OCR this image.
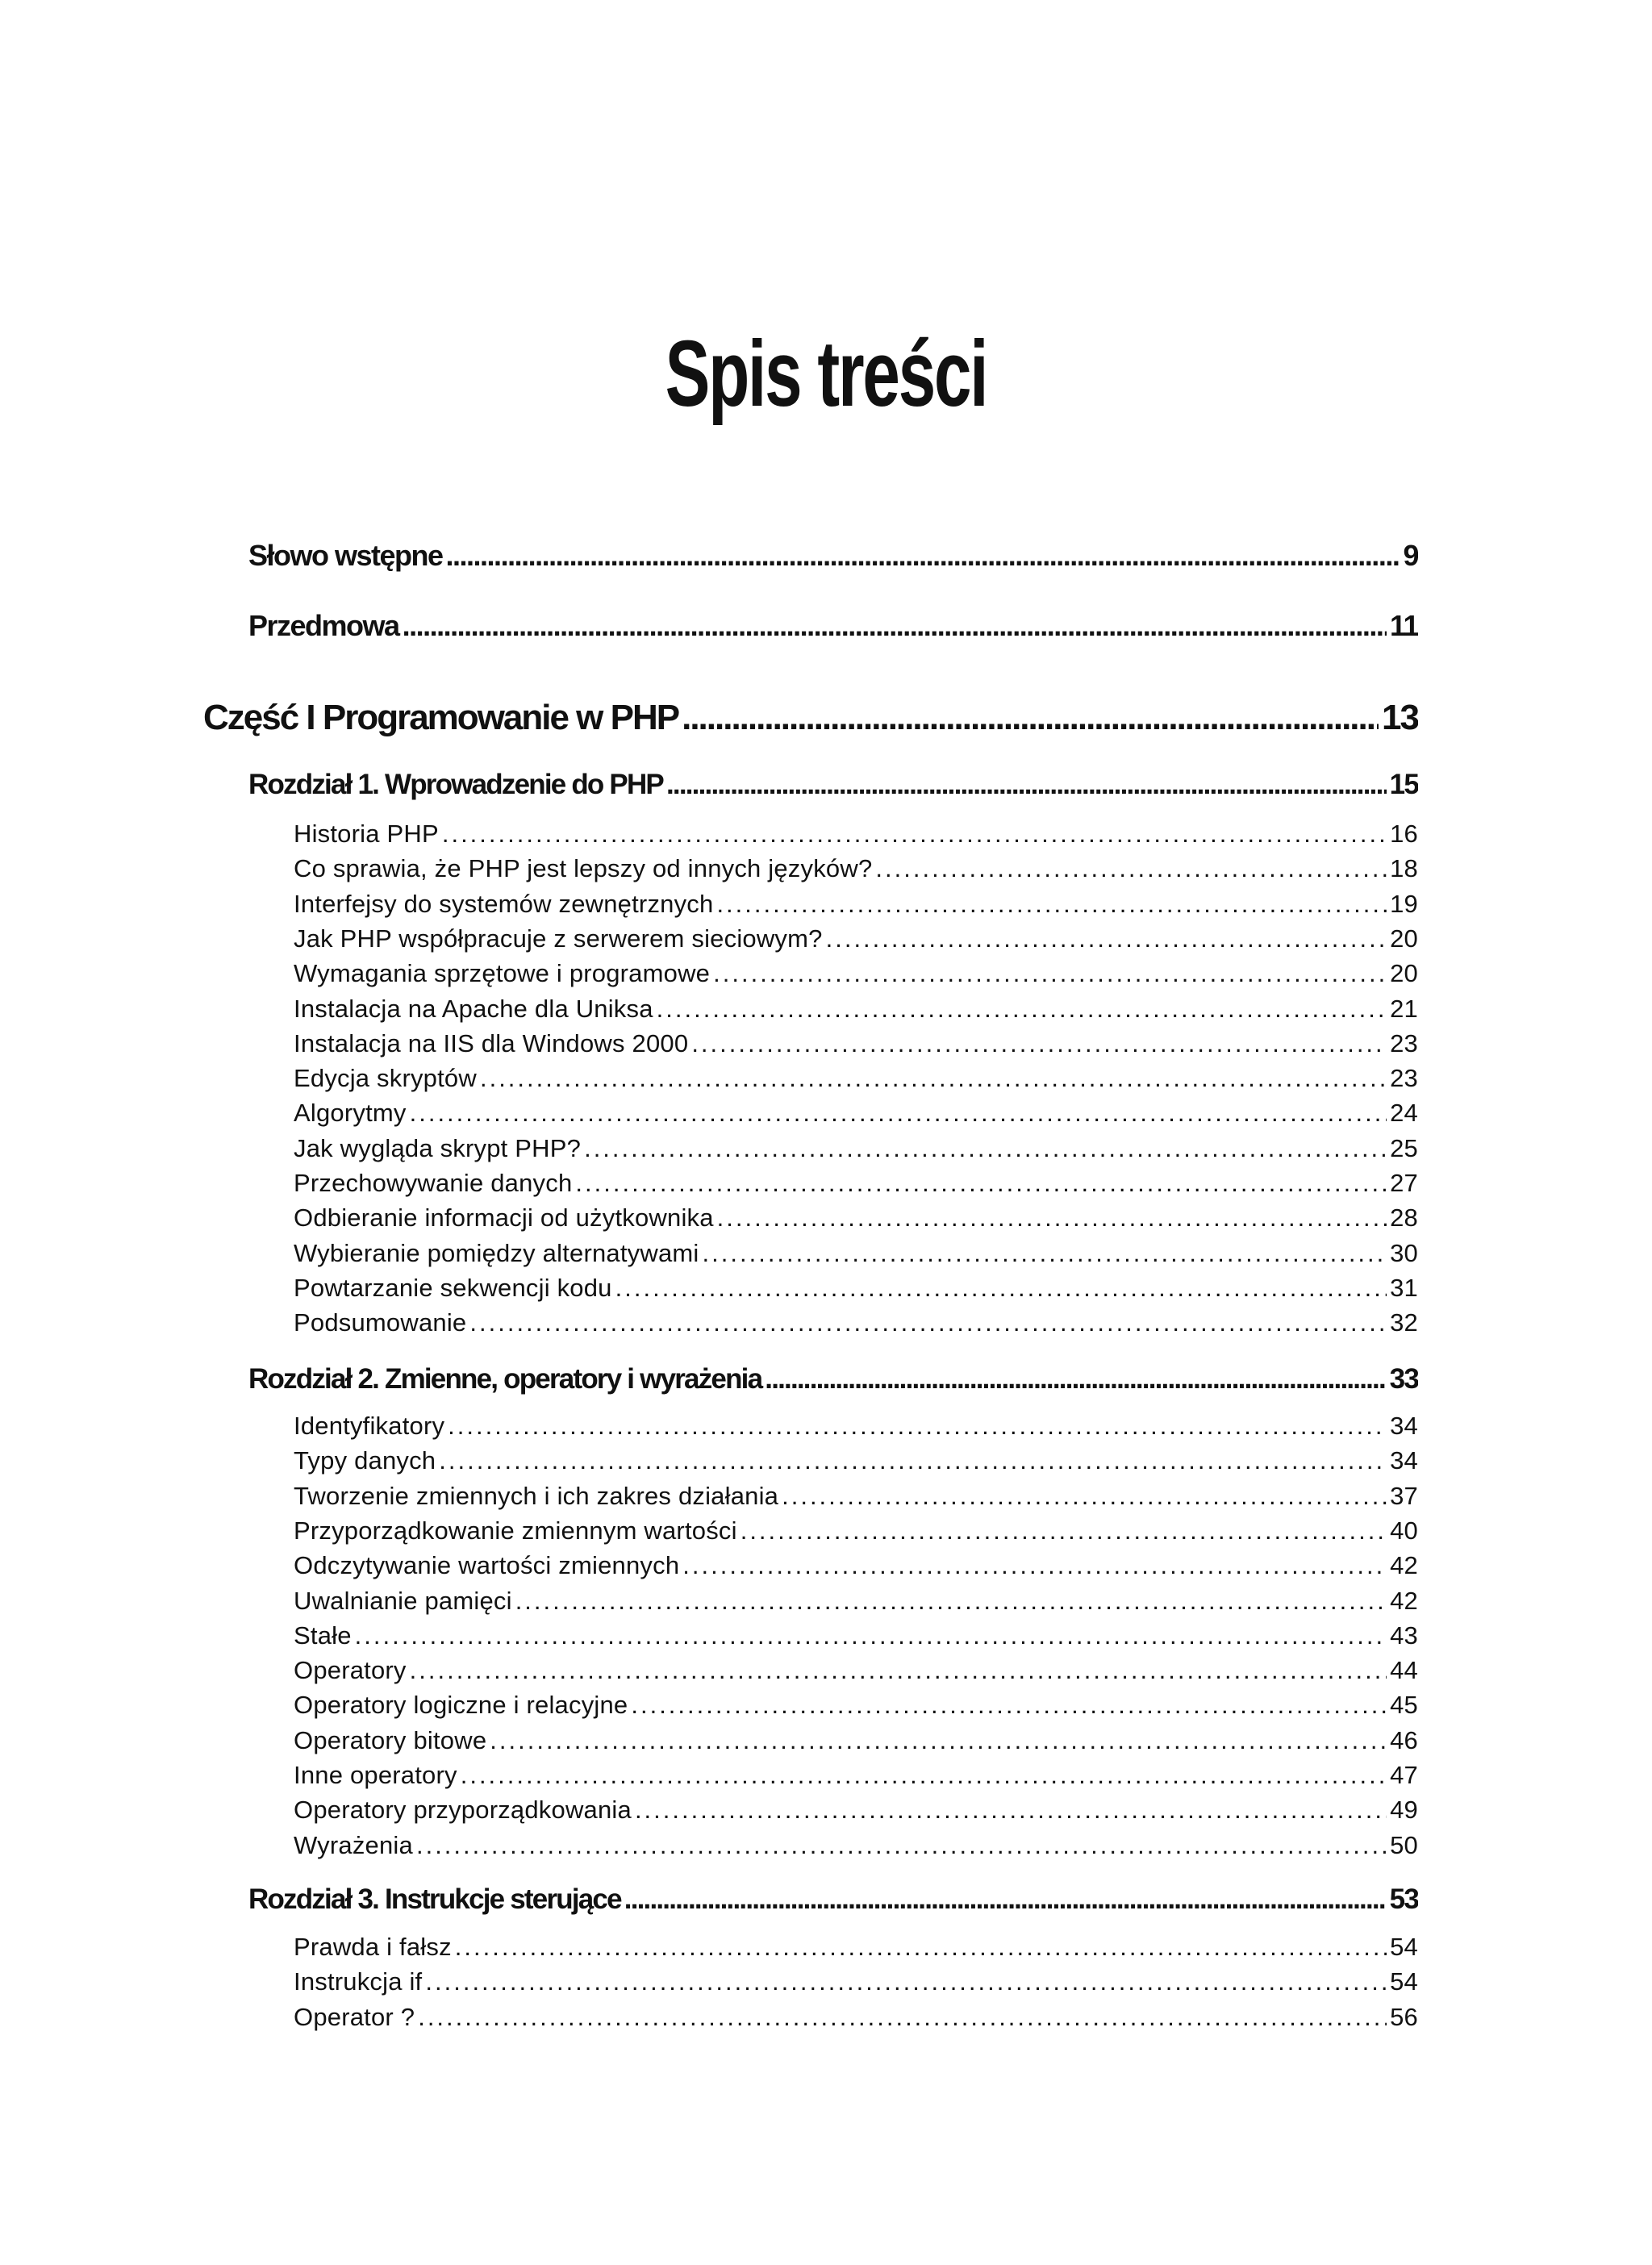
Spis treści
Słowo wstępne .....	9
Przedmowa .....	11
Część I Programowanie w PHP .....	13
Rozdział 1. Wprowadzenie do PHP .....	15
Historia PHP .....	16
Co sprawia, że PHP jest lepszy od innych języków? .....	18
Interfejsy do systemów zewnętrznych .....	19
Jak PHP współpracuje z serwerem sieciowym? .....	20
Wymagania sprzętowe i programowe .....	20
Instalacja na Apache dla Uniksa .....	21
Instalacja na IIS dla Windows 2000 .....	23
Edycja skryptów .....	23
Algorytmy .....	24
Jak wygląda skrypt PHP? .....	25
Przechowywanie danych .....	27
Odbieranie informacji od użytkownika .....	28
Wybieranie pomiędzy alternatywami .....	30
Powtarzanie sekwencji kodu .....	31
Podsumowanie .....	32
Rozdział 2. Zmienne, operatory i wyrażenia .....	33
Identyfikatory .....	34
Typy danych .....	34
Tworzenie zmiennych i ich zakres działania .....	37
Przyporządkowanie zmiennym wartości .....	40
Odczytywanie wartości zmiennych .....	42
Uwalnianie pamięci .....	42
Stałe .....	43
Operatory .....	44
Operatory logiczne i relacyjne .....	45
Operatory bitowe .....	46
Inne operatory .....	47
Operatory przyporządkowania .....	49
Wyrażenia .....	50
Rozdział 3. Instrukcje sterujące .....	53
Prawda i fałsz .....	54
Instrukcja if .....	54
Operator ? .....	56
